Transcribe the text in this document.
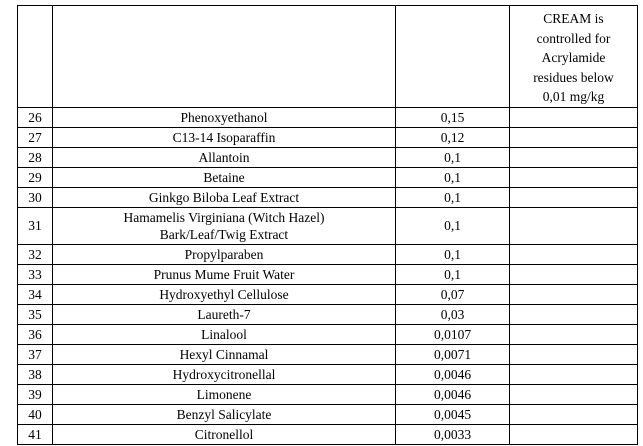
			CREAM is
controlled for
Acrylamide
residues below
0,01 mg/kg

26	Phenoxyethanol	0,15	
27	C13-14 Isoparaffin	0,12	
28	Allantoin	0,1	
29	Betaine	0,1	
30	Ginkgo Biloba Leaf Extract	0,1	
31	Hamamelis Virginiana (Witch Hazel)
Bark/Leaf/Twig Extract	0,1	
32	Propylparaben	0,1	
33	Prunus Mume Fruit Water	0,1	
34	Hydroxyethyl Cellulose	0,07	
35	Laureth-7	0,03	
36	Linalool	0,0107	
37	Hexyl Cinnamal	0,0071	
38	Hydroxycitronellal	0,0046	
39	Limonene	0,0046	
40	Benzyl Salicylate	0,0045	
41	Citronellol	0,0033	
